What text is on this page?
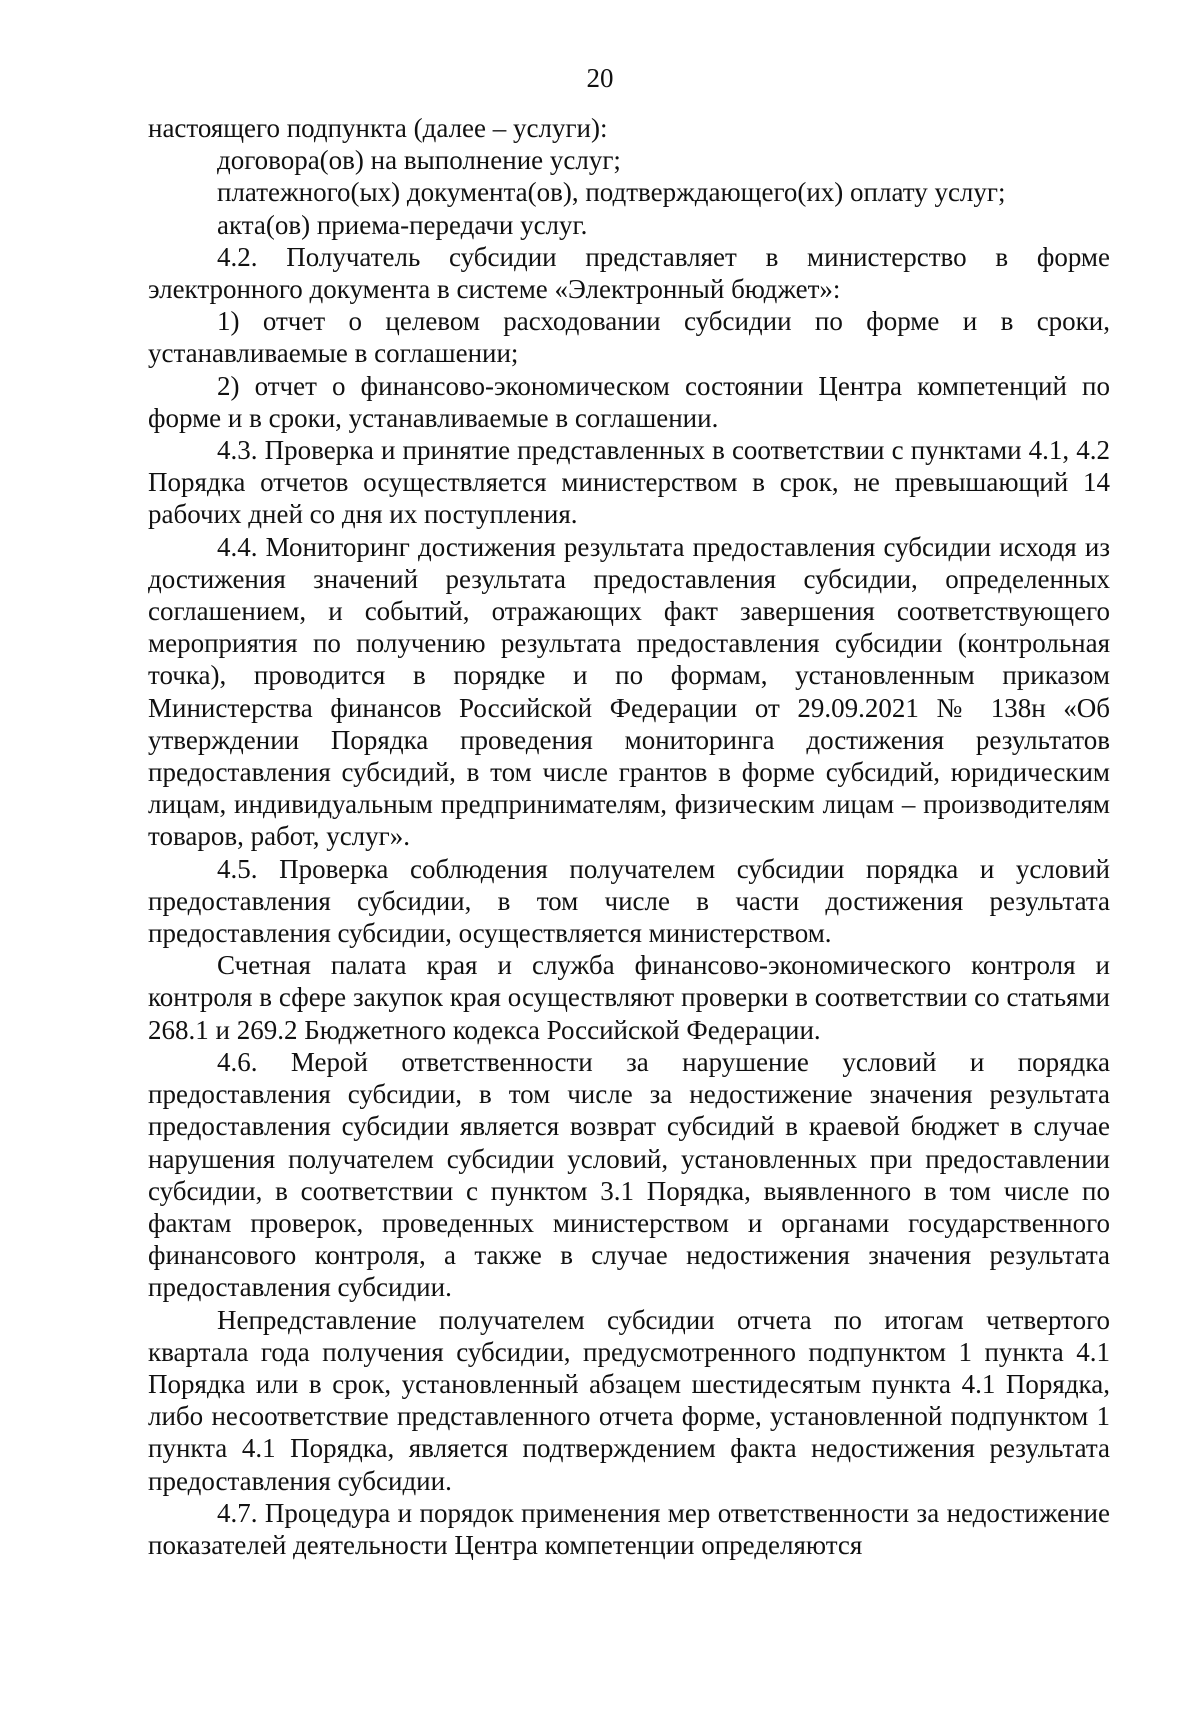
20

настоящего подпункта (далее – услуги):

договора(ов) на выполнение услуг;

платежного(ых) документа(ов), подтверждающего(их) оплату услуг;

акта(ов) приема-передачи услуг.

4.2. Получатель субсидии представляет в министерство в форме электронного документа в системе «Электронный бюджет»:

1) отчет о целевом расходовании субсидии по форме и в сроки, устанавливаемые в соглашении;

2) отчет о финансово-экономическом состоянии Центра компетенций по форме и в сроки, устанавливаемые в соглашении.

4.3. Проверка и принятие представленных в соответствии с пунктами 4.1, 4.2 Порядка отчетов осуществляется министерством в срок, не превышающий 14 рабочих дней со дня их поступления.

4.4. Мониторинг достижения результата предоставления субсидии исходя из достижения значений результата предоставления субсидии, определенных соглашением, и событий, отражающих факт завершения соответствующего мероприятия по получению результата предоставления субсидии (контрольная точка), проводится в порядке и по формам, установленным приказом Министерства финансов Российской Федерации от 29.09.2021 № 138н «Об утверждении Порядка проведения мониторинга достижения результатов предоставления субсидий, в том числе грантов в форме субсидий, юридическим лицам, индивидуальным предпринимателям, физическим лицам – производителям товаров, работ, услуг».

4.5. Проверка соблюдения получателем субсидии порядка и условий предоставления субсидии, в том числе в части достижения результата предоставления субсидии, осуществляется министерством.

Счетная палата края и служба финансово-экономического контроля и контроля в сфере закупок края осуществляют проверки в соответствии со статьями 268.1 и 269.2 Бюджетного кодекса Российской Федерации.

4.6. Мерой ответственности за нарушение условий и порядка предоставления субсидии, в том числе за недостижение значения результата предоставления субсидии является возврат субсидий в краевой бюджет в случае нарушения получателем субсидии условий, установленных при предоставлении субсидии, в соответствии с пунктом 3.1 Порядка, выявленного в том числе по фактам проверок, проведенных министерством и органами государственного финансового контроля, а также в случае недостижения значения результата предоставления субсидии.

Непредставление получателем субсидии отчета по итогам четвертого квартала года получения субсидии, предусмотренного подпунктом 1 пункта 4.1 Порядка или в срок, установленный абзацем шестидесятым пункта 4.1 Порядка, либо несоответствие представленного отчета форме, установленной подпунктом 1 пункта 4.1 Порядка, является подтверждением факта недостижения результата предоставления субсидии.

4.7. Процедура и порядок применения мер ответственности за недостижение показателей деятельности Центра компетенции определяются
